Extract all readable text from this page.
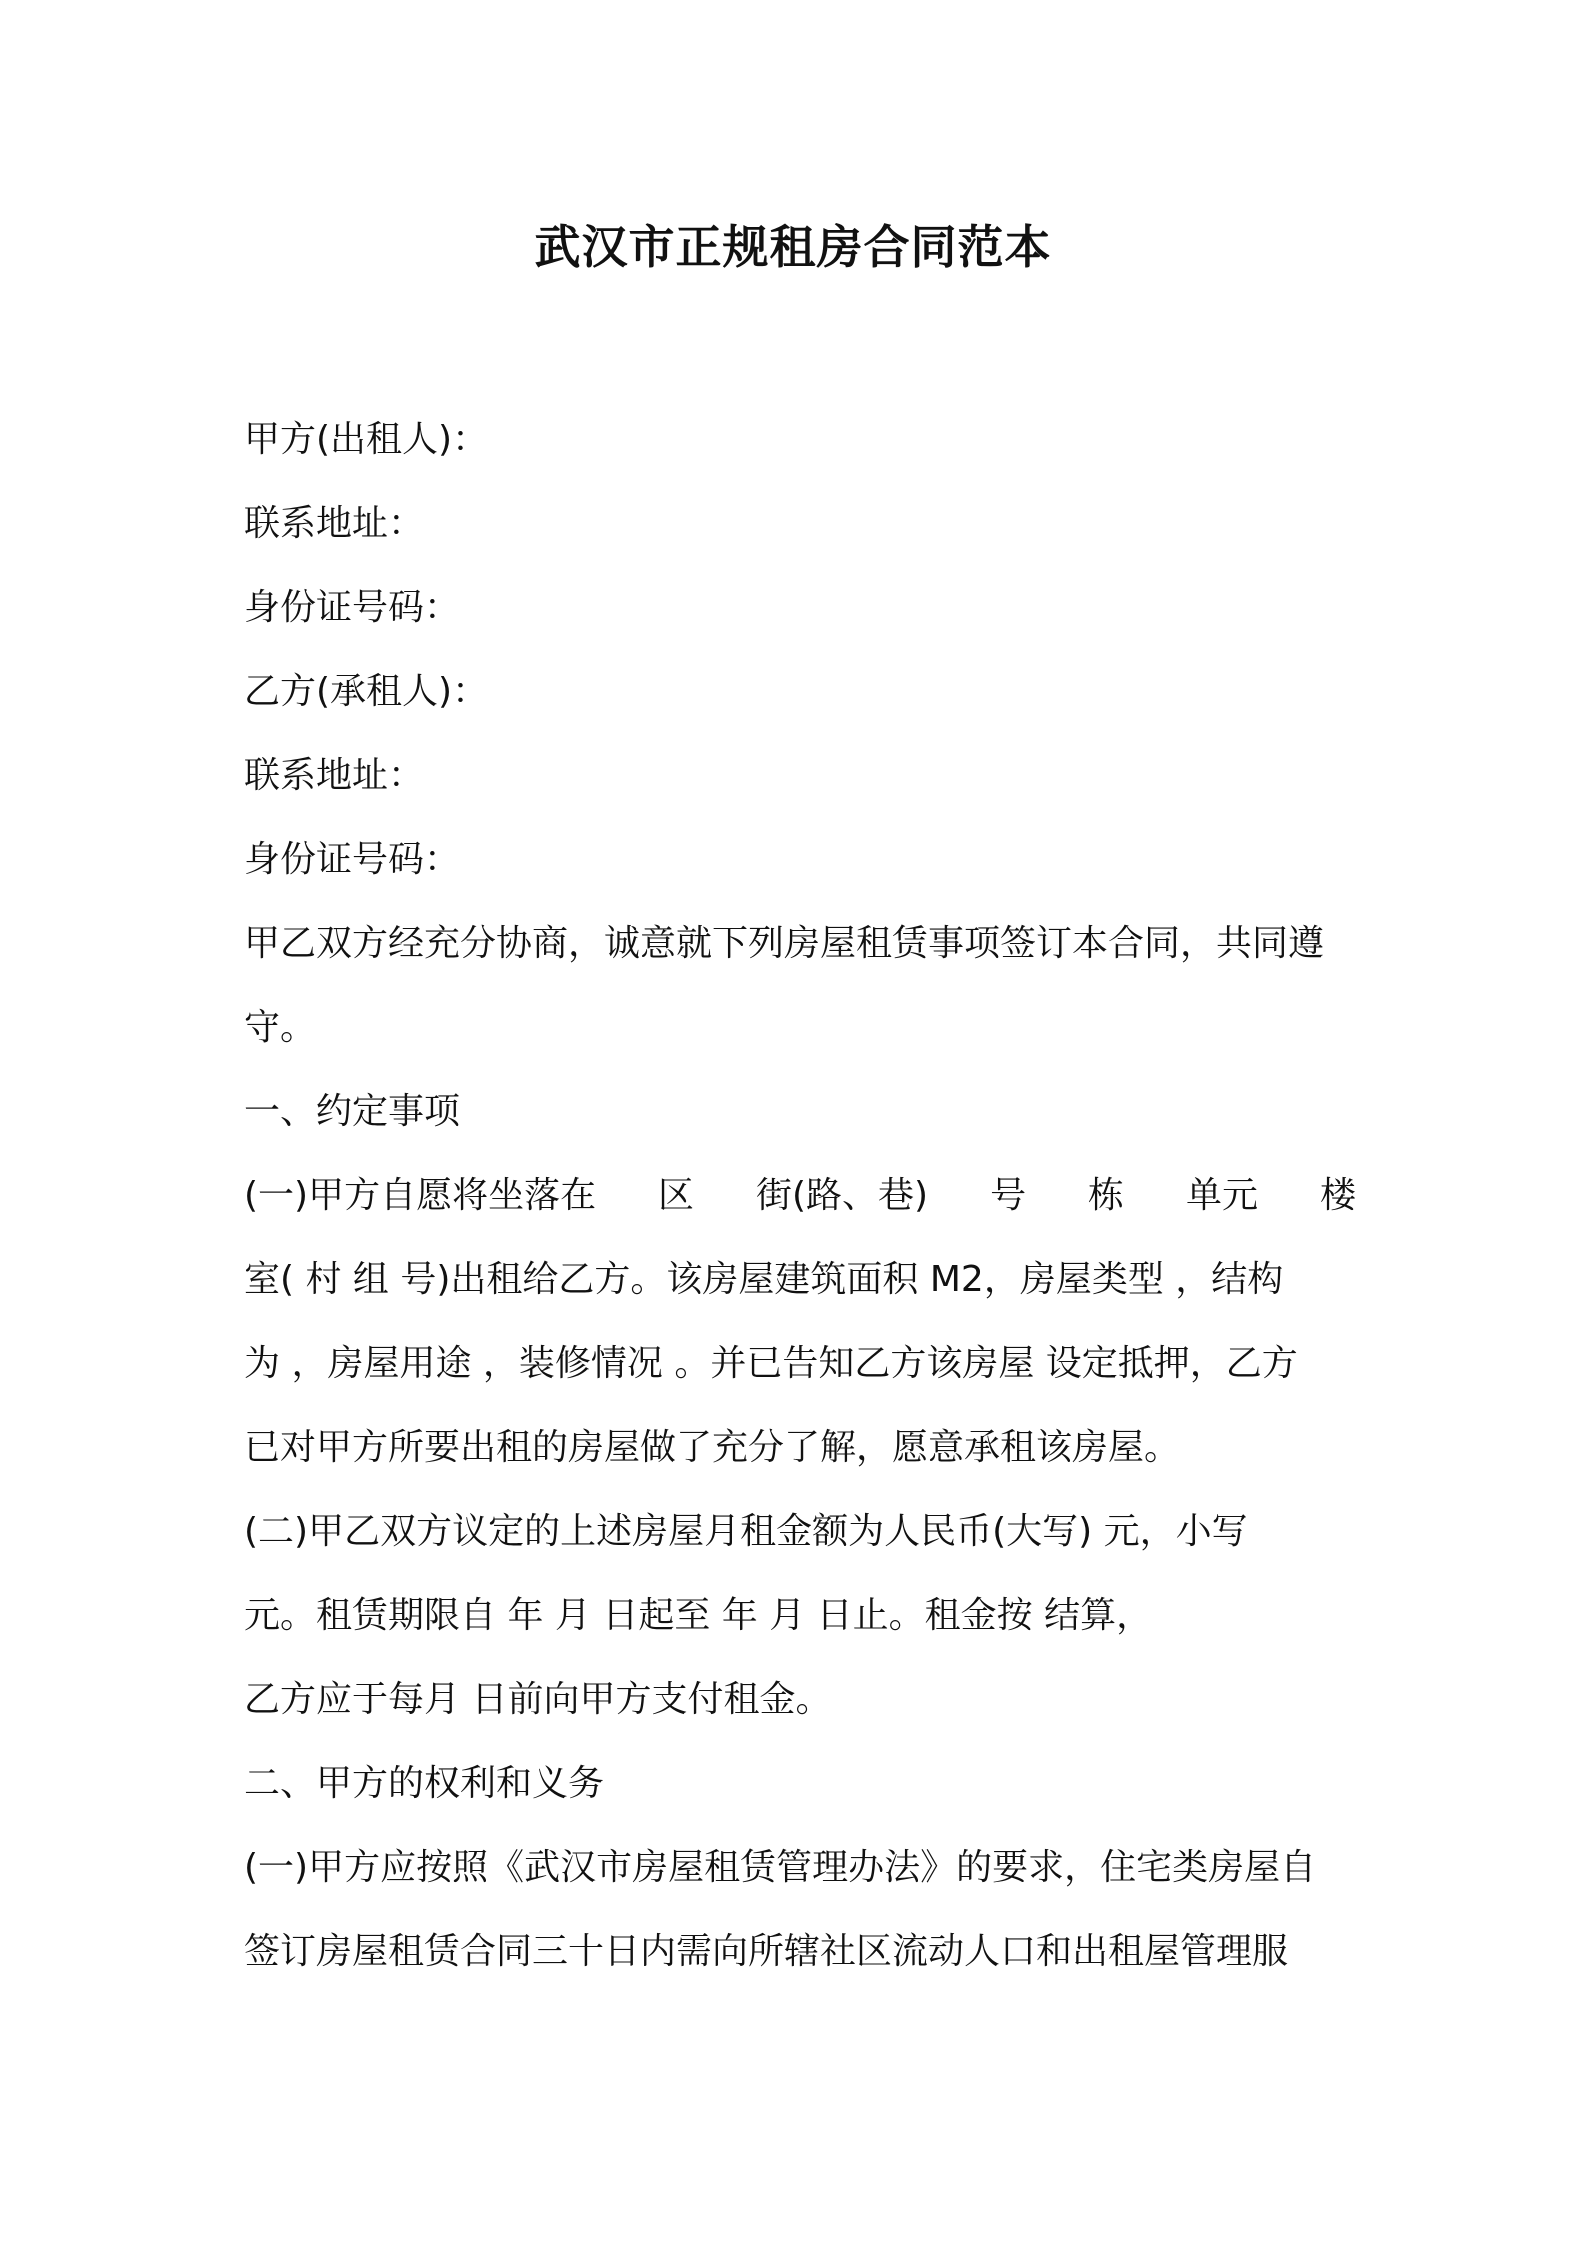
武汉市正规租房合同范本
甲方(出租人)：
联系地址：
身份证号码：
乙方(承租人)：
联系地址：
身份证号码：
甲乙双方经充分协商，诚意就下列房屋租赁事项签订本合同，共同遵
守。
一、约定事项
(一)甲方自愿将坐落在 区 街(路、巷) 号 栋 单元 楼
室( 村 组 号)出租给乙方。该房屋建筑面积 M2，房屋类型 ，结构
为 ，房屋用途 ，装修情况 。并已告知乙方该房屋 设定抵押，乙方
已对甲方所要出租的房屋做了充分了解，愿意承租该房屋。
(二)甲乙双方议定的上述房屋月租金额为人民币(大写) 元，小写
元。租赁期限自 年 月 日起至 年 月 日止。租金按 结算，
乙方应于每月 日前向甲方支付租金。
二、甲方的权利和义务
(一)甲方应按照《武汉市房屋租赁管理办法》的要求，住宅类房屋自
签订房屋租赁合同三十日内需向所辖社区流动人口和出租屋管理服
